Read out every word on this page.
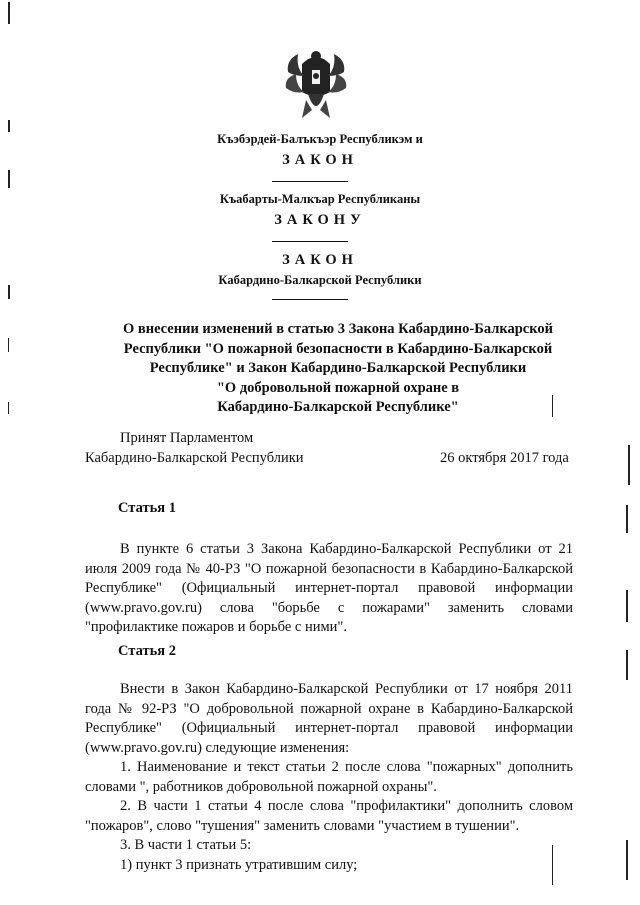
Къэбэрдей-Балъкъэр Республикэм и
ЗАКОН
Къабарты-Малкъар Республиканы
ЗАКОНУ
ЗАКОН
Кабардино-Балкарской Республики
О внесении изменений в статью 3 Закона Кабардино-Балкарской
Республики "О пожарной безопасности в Кабардино-Балкарской
Республике" и Закон Кабардино-Балкарской Республики
"О добровольной пожарной охране в
Кабардино-Балкарской Республике"
Принят Парламентом
Кабардино-Балкарской Республики	26 октября 2017 года
Статья 1
В пункте 6 статьи 3 Закона Кабардино-Балкарской Республики от 21 июля 2009 года № 40-РЗ "О пожарной безопасности в Кабардино-Балкарской Республике" (Официальный интернет-портал правовой информации (www.pravo.gov.ru) слова "борьбе с пожарами" заменить словами "профилактике пожаров и борьбе с ними".
Статья 2
Внести в Закон Кабардино-Балкарской Республики от 17 ноября 2011 года № 92-РЗ "О добровольной пожарной охране в Кабардино-Балкарской Республике" (Официальный интернет-портал правовой информации (www.pravo.gov.ru) следующие изменения:
1. Наименование и текст статьи 2 после слова "пожарных" дополнить словами ", работников добровольной пожарной охраны".
2. В части 1 статьи 4 после слова "профилактики" дополнить словом "пожаров", слово "тушения" заменить словами "участием в тушении".
3. В части 1 статьи 5:
1) пункт 3 признать утратившим силу;
